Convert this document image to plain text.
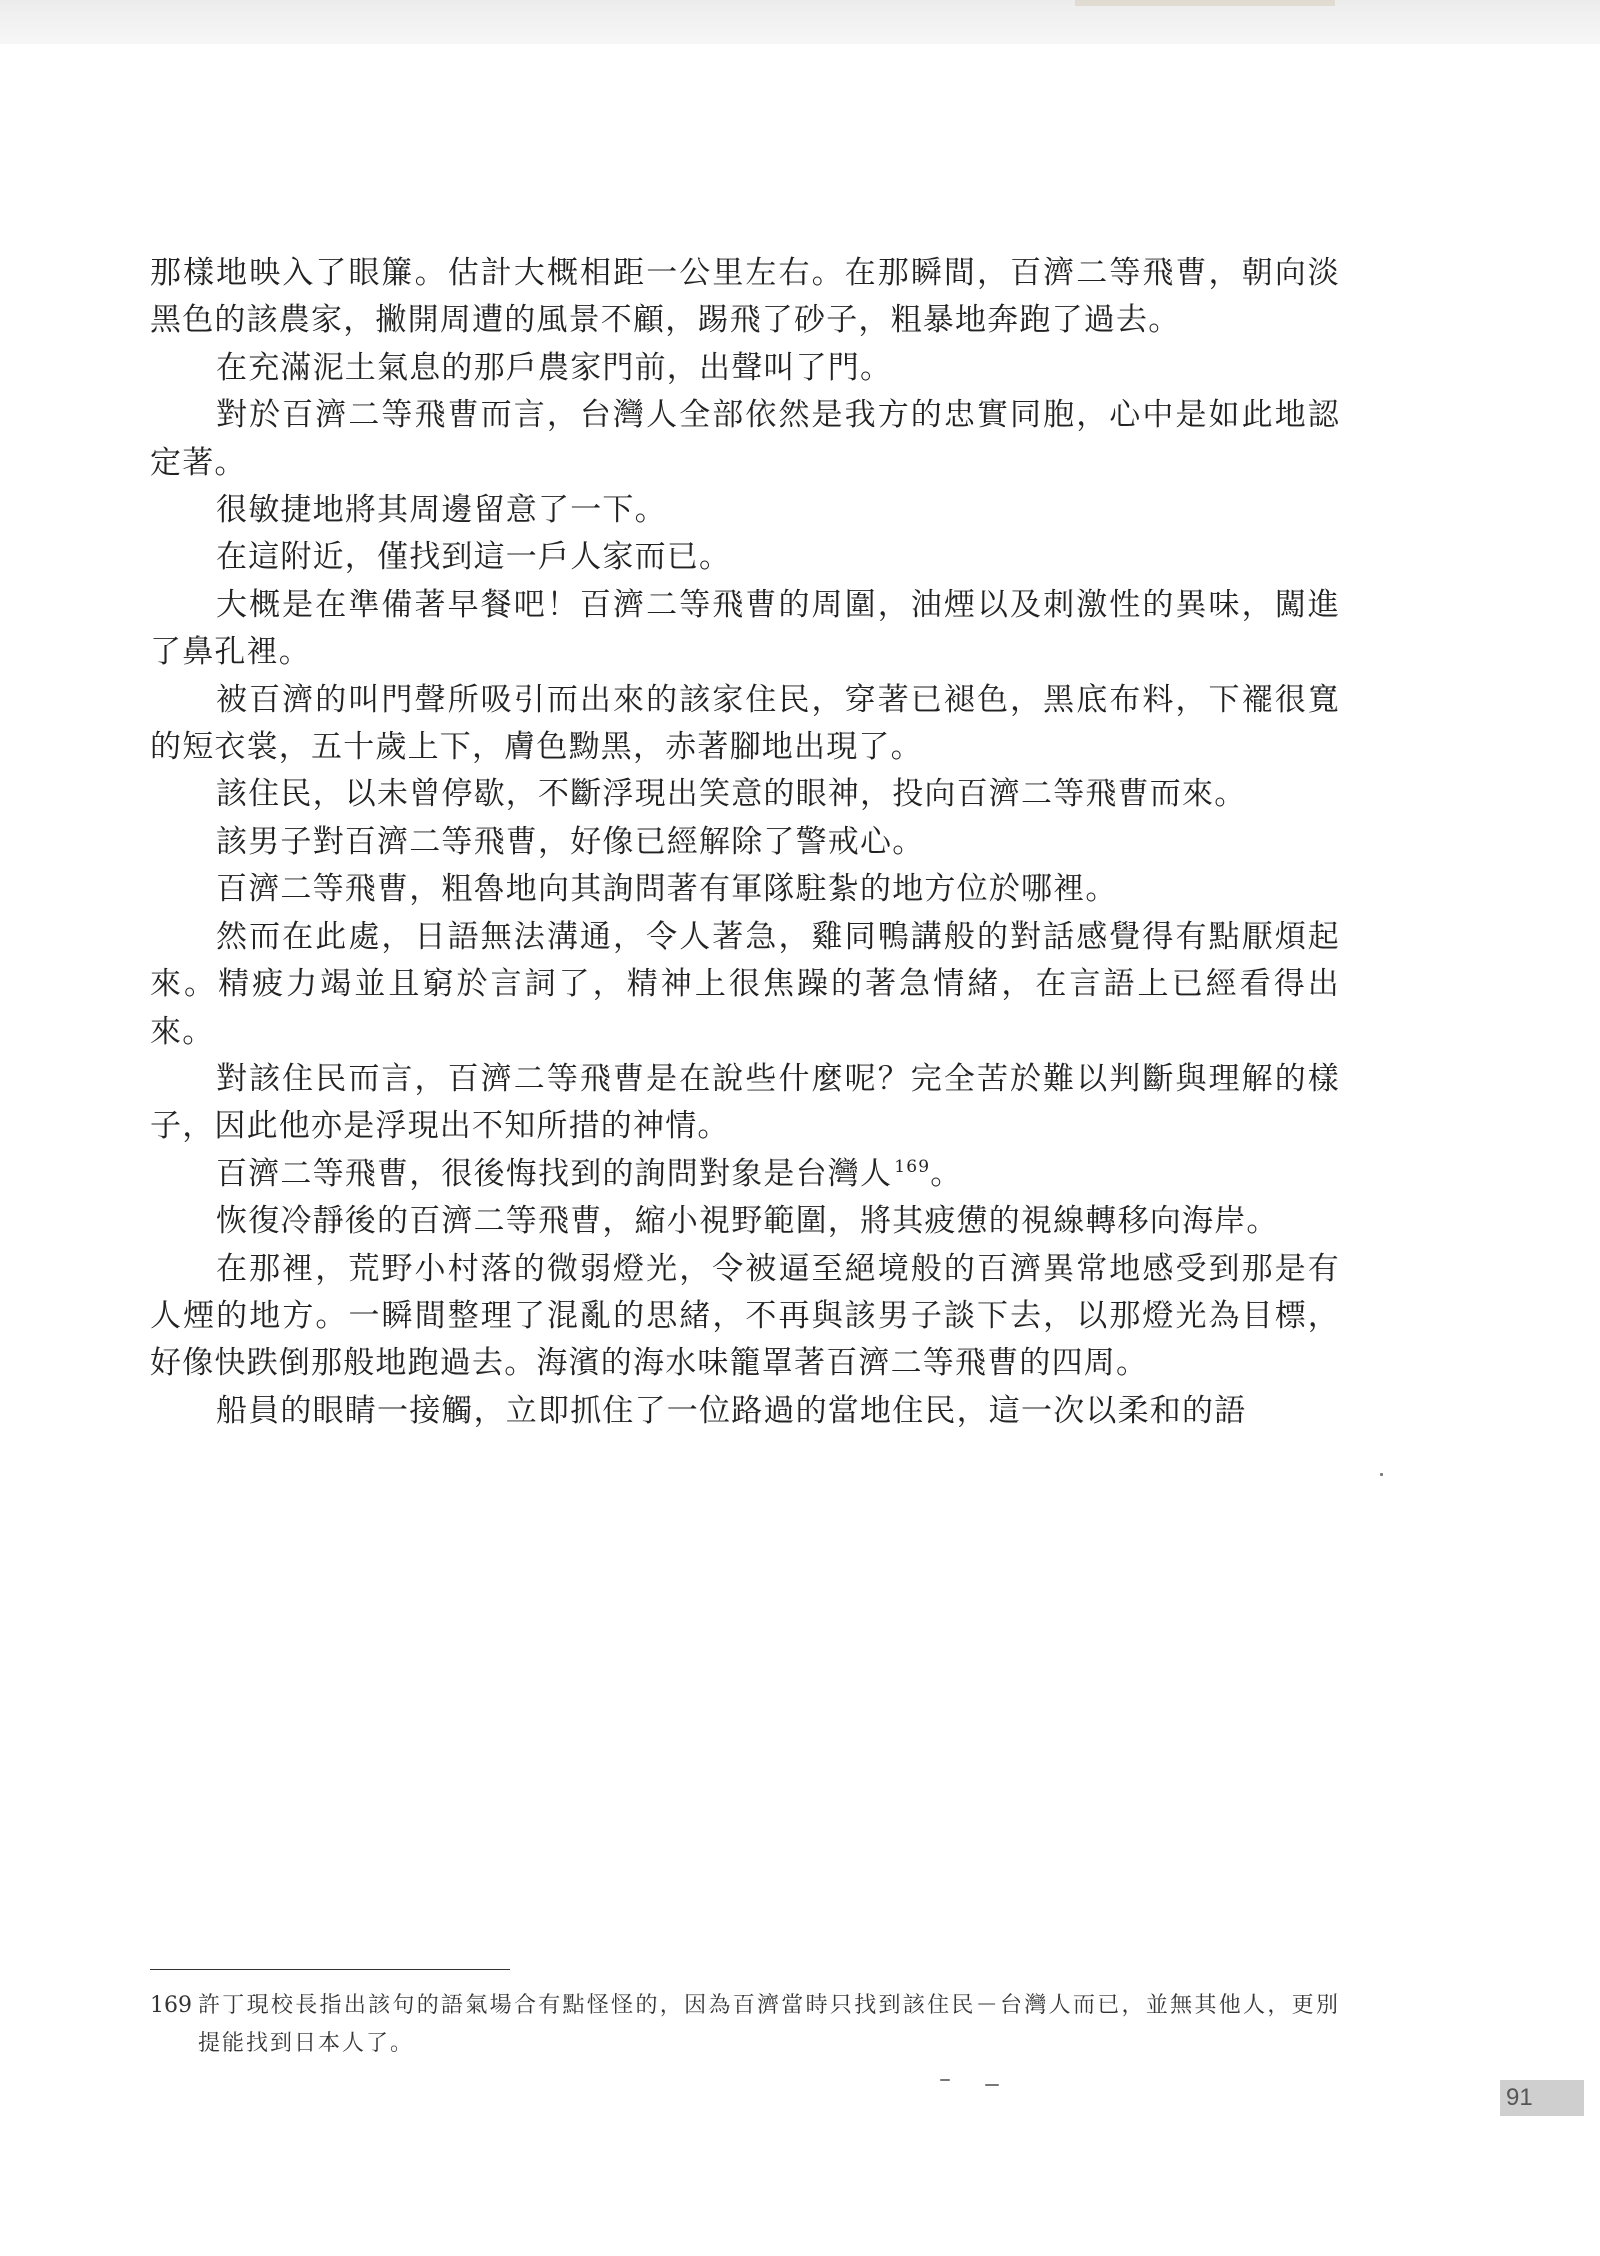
那樣地映入了眼簾。估計大概相距一公里左右。在那瞬間，百濟二等飛曹，朝向淡黑色的該農家，撇開周遭的風景不顧，踢飛了砂子，粗暴地奔跑了過去。

在充滿泥土氣息的那戶農家門前，出聲叫了門。

對於百濟二等飛曹而言，台灣人全部依然是我方的忠實同胞，心中是如此地認定著。

很敏捷地將其周邊留意了一下。

在這附近，僅找到這一戶人家而已。

大概是在準備著早餐吧！百濟二等飛曹的周圍，油煙以及刺激性的異味，闖進了鼻孔裡。

被百濟的叫門聲所吸引而出來的該家住民，穿著已褪色，黑底布料，下襬很寬的短衣裳，五十歲上下，膚色黝黑，赤著腳地出現了。

該住民，以未曾停歇，不斷浮現出笑意的眼神，投向百濟二等飛曹而來。

該男子對百濟二等飛曹，好像已經解除了警戒心。

百濟二等飛曹，粗魯地向其詢問著有軍隊駐紮的地方位於哪裡。

然而在此處，日語無法溝通，令人著急，雞同鴨講般的對話感覺得有點厭煩起來。精疲力竭並且窮於言詞了，精神上很焦躁的著急情緒，在言語上已經看得出來。

對該住民而言，百濟二等飛曹是在說些什麼呢？完全苦於難以判斷與理解的樣子，因此他亦是浮現出不知所措的神情。

百濟二等飛曹，很後悔找到的詢問對象是台灣人 $^{169}$。

恢復冷靜後的百濟二等飛曹，縮小視野範圍，將其疲憊的視線轉移向海岸。

在那裡，荒野小村落的微弱燈光，令被逼至絕境般的百濟異常地感受到那是有人煙的地方。一瞬間整理了混亂的思緒，不再與該男子談下去，以那燈光為目標，好像快跌倒那般地跑過去。海濱的海水味籠罩著百濟二等飛曹的四周。

船員的眼睛一接觸，立即抓住了一位路過的當地住民，這一次以柔和的語

169 許丁現校長指出該句的語氣場合有點怪怪的，因為百濟當時只找到該住民－台灣人而已，並無其他人，更別提能找到日本人了。
91
